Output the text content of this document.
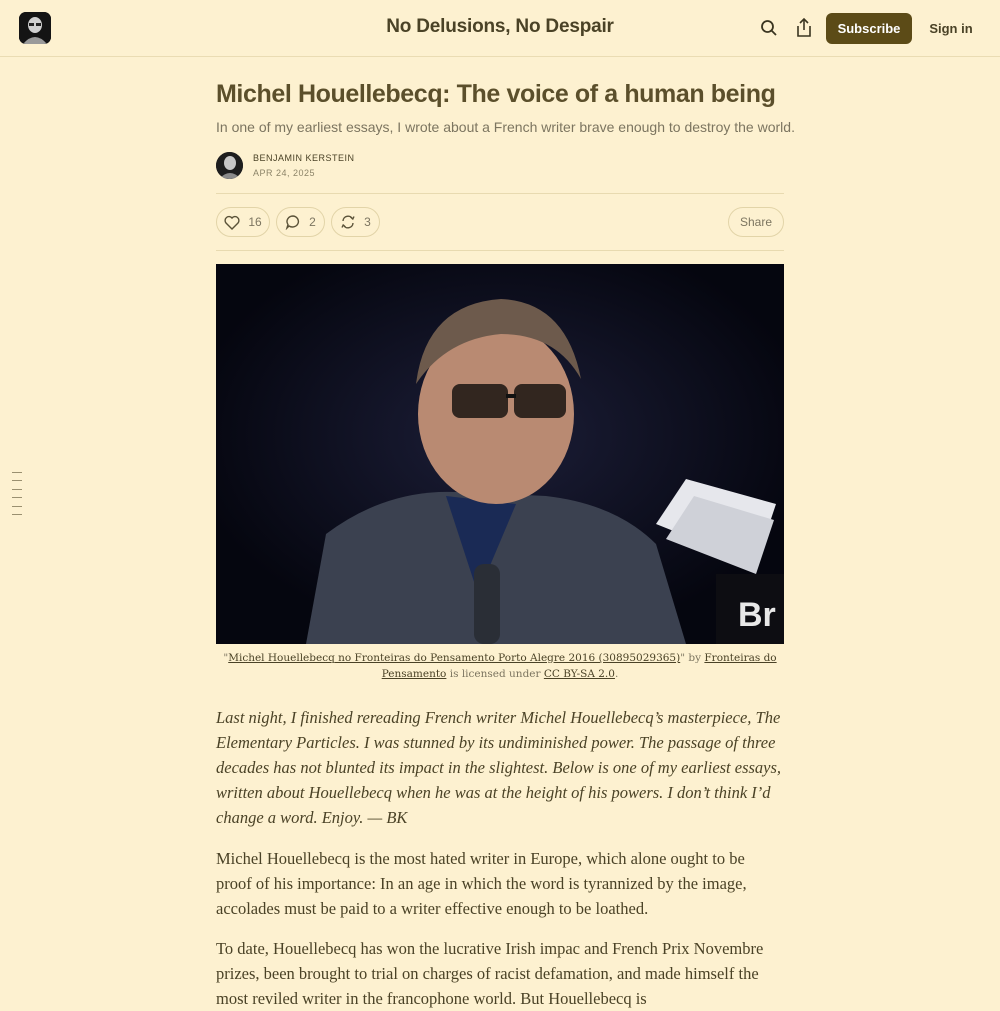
No Delusions, No Despair	Subscribe	Sign in
Michel Houellebecq: The voice of a human being
In one of my earliest essays, I wrote about a French writer brave enough to destroy the world.
BENJAMIN KERSTEIN
APR 24, 2025
16	2	3	Share
Br
"Michel Houellebecq no Fronteiras do Pensamento Porto Alegre 2016 (30895029365)" by Fronteiras do Pensamento is licensed under CC BY-SA 2.0.

Last night, I finished rereading French writer Michel Houellebecq’s masterpiece, The Elementary Particles. I was stunned by its undiminished power. The passage of three decades has not blunted its impact in the slightest. Below is one of my earliest essays, written about Houellebecq when he was at the height of his powers. I don’t think I’d change a word. Enjoy. — BK

Michel Houellebecq is the most hated writer in Europe, which alone ought to be proof of his importance: In an age in which the word is tyrannized by the image, accolades must be paid to a writer effective enough to be loathed.

To date, Houellebecq has won the lucrative Irish impac and French Prix Novembre prizes, been brought to trial on charges of racist defamation, and made himself the most reviled writer in the francophone world. But Houellebecq is
